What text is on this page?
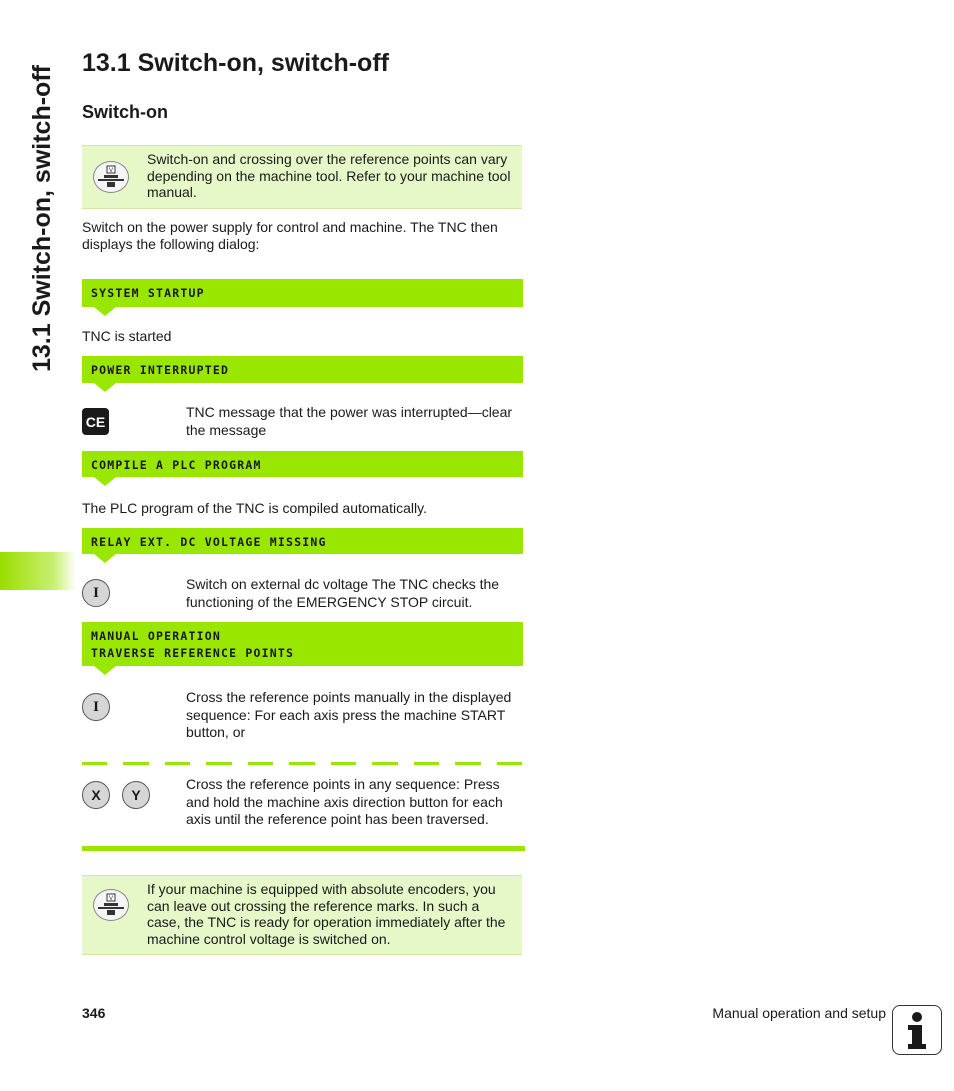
13.1 Switch-on, switch-off
13.1 Switch-on, switch-off
Switch-on
V
Switch-on and crossing over the reference points can vary depending on the machine tool. Refer to your machine tool manual.
Switch on the power supply for control and machine. The TNC then displays the following dialog:
SYSTEM STARTUP
TNC is started
POWER INTERRUPTED
CE
TNC message that the power was interrupted—clear the message
COMPILE A PLC PROGRAM
The PLC program of the TNC is compiled automatically.
RELAY EXT. DC VOLTAGE MISSING
I
Switch on external dc voltage The TNC checks the functioning of the EMERGENCY STOP circuit.
MANUAL OPERATION
TRAVERSE REFERENCE POINTS
I
Cross the reference points manually in the displayed sequence: For each axis press the machine START button, or
X	Y
Cross the reference points in any sequence: Press and hold the machine axis direction button for each axis until the reference point has been traversed.
V
If your machine is equipped with absolute encoders, you can leave out crossing the reference marks. In such a case, the TNC is ready for operation immediately after the machine control voltage is switched on.
346	Manual operation and setup
